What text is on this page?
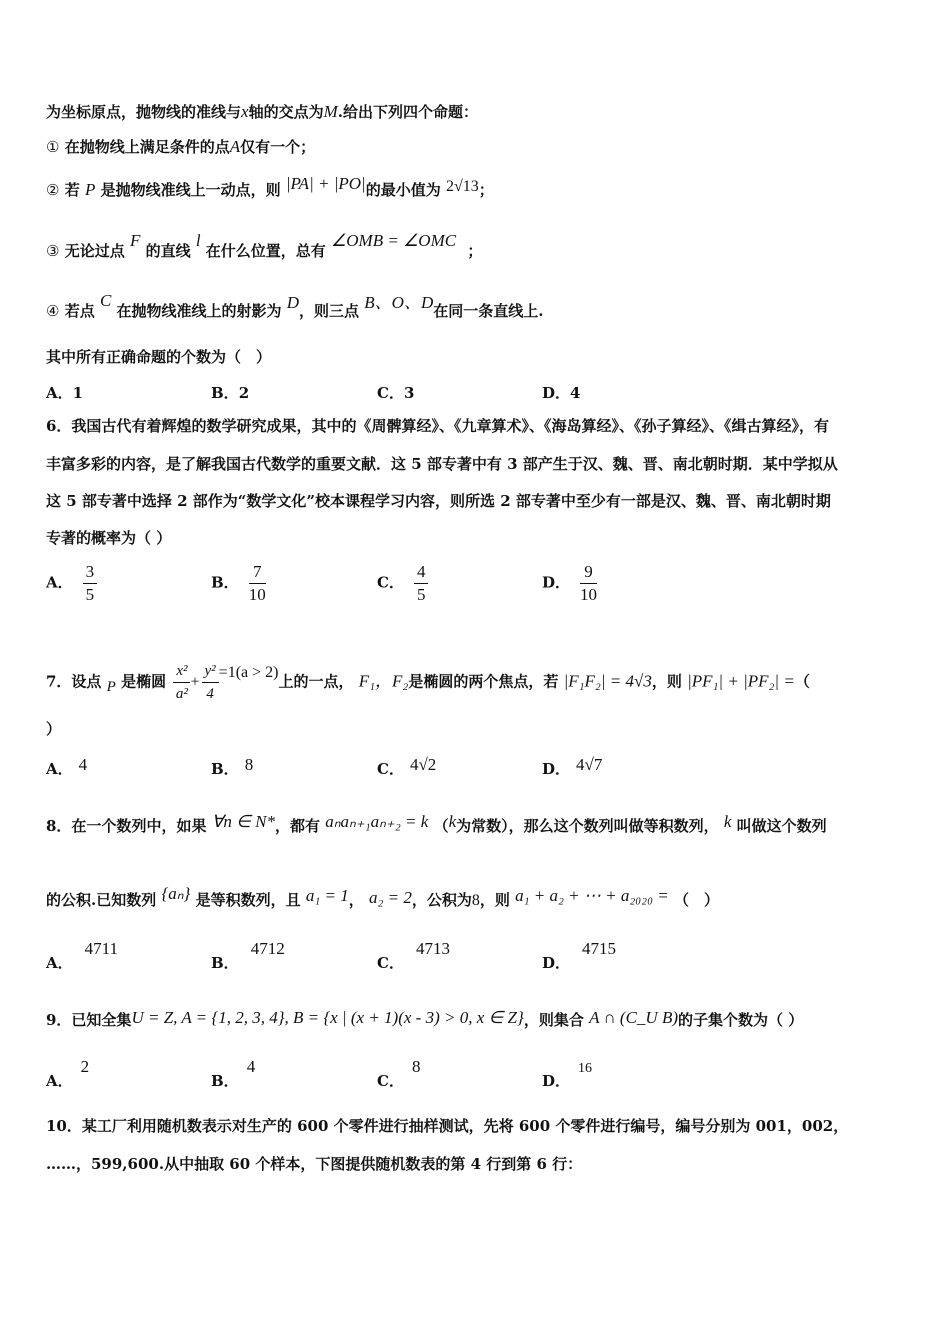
为坐标原点，抛物线的准线与x轴的交点为M.给出下列四个命题：
① 在抛物线上满足条件的点A仅有一个；
② 若 P 是抛物线准线上一动点，则 |PA| + |PO|的最小值为 2√13；
③ 无论过点 F 的直线 l 在什么位置，总有 ∠OMB = ∠OMC ；
④ 若点 C 在抛物线准线上的射影为 D，则三点 B、O、D在同一条直线上.
其中所有正确命题的个数为（　）
A．1	B．2	C．3	D．4
6．我国古代有着辉煌的数学研究成果，其中的《周髀算经》、《九章算术》、《海岛算经》、《孙子算经》、《缉古算经》，有
丰富多彩的内容，是了解我国古代数学的重要文献．这 5 部专著中有 3 部产生于汉、魏、晋、南北朝时期．某中学拟从
这 5 部专著中选择 2 部作为“数学文化”校本课程学习内容，则所选 2 部专著中至少有一部是汉、魏、晋、南北朝时期
专著的概率为（ ）
A． $\frac{3}{5}$	B． $\frac{7}{10}$	C． $\frac{4}{5}$	D． $\frac{9}{10}$
7．设点 P 是椭圆 $\frac{\text{x²}}{\text{a²}} + \frac{\text{y²}}{4} =1(a > 2)$上的一点， F₁，F₂是椭圆的两个焦点，若 |F₁F₂| = 4√3，则 |PF₁| + |PF₂| =（
）
A． 4	B． 8	C． 4√2	D． 4√7
8．在一个数列中，如果 ∀n ∈ N*，都有 aₙaₙ₊₁aₙ₊₂ = k （k为常数），那么这个数列叫做等积数列， k 叫做这个数列
的公积.已知数列 {aₙ} 是等积数列，且 a₁ = 1， a₂ = 2，公积为8，则 a₁ + a₂ + ⋯ + a₂₀₂₀ = （　）
A．4711
B．4712
C．4713
D．4715
9．已知全集U = Z, A = {1, 2, 3, 4}, B = {x | (x + 1)(x - 3) > 0, x ∈ Z}，则集合 A ∩ (C_U B)的子集个数为（ ）
A．2
B．4
C．8
D．16
10．某工厂利用随机数表示对生产的 600 个零件进行抽样测试，先将 600 个零件进行编号，编号分别为 001，002，
……，599,600.从中抽取 60 个样本，下图提供随机数表的第 4 行到第 6 行：
